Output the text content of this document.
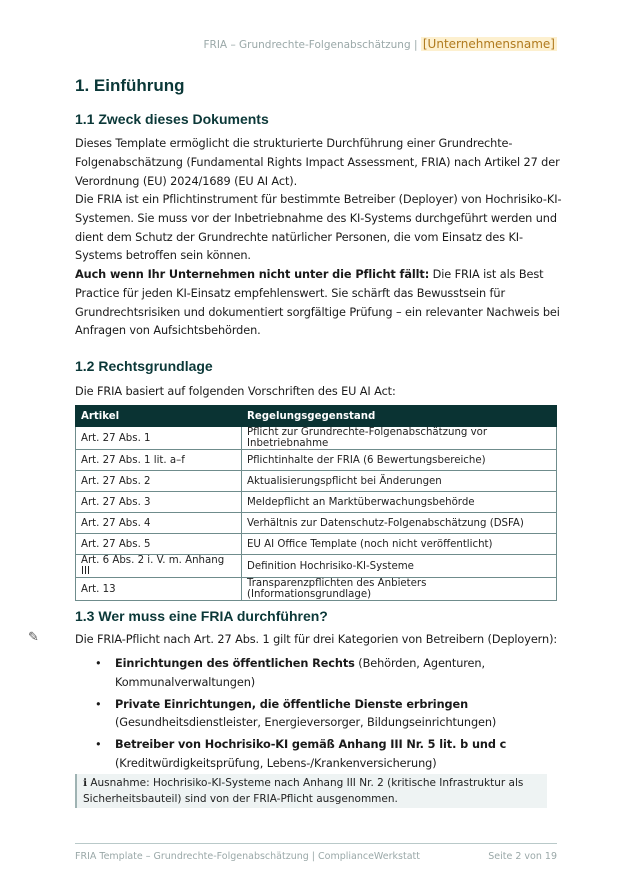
FRIA – Grundrechte-Folgenabschätzung | [Unternehmensname]
1. Einführung
1.1 Zweck dieses Dokuments
Dieses Template ermöglicht die strukturierte Durchführung einer Grundrechte-Folgenabschätzung (Fundamental Rights Impact Assessment, FRIA) nach Artikel 27 der Verordnung (EU) 2024/1689 (EU AI Act).
Die FRIA ist ein Pflichtinstrument für bestimmte Betreiber (Deployer) von Hochrisiko-KI-Systemen. Sie muss vor der Inbetriebnahme des KI-Systems durchgeführt werden und dient dem Schutz der Grundrechte natürlicher Personen, die vom Einsatz des KI-Systems betroffen sein können.
Auch wenn Ihr Unternehmen nicht unter die Pflicht fällt: Die FRIA ist als Best Practice für jeden KI-Einsatz empfehlenswert. Sie schärft das Bewusstsein für Grundrechtsrisiken und dokumentiert sorgfältige Prüfung – ein relevanter Nachweis bei Anfragen von Aufsichtsbehörden.
1.2 Rechtsgrundlage
Die FRIA basiert auf folgenden Vorschriften des EU AI Act:
Artikel	Regelungsgegenstand
Art. 27 Abs. 1	Pflicht zur Grundrechte-Folgenabschätzung vor Inbetriebnahme
Art. 27 Abs. 1 lit. a–f	Pflichtinhalte der FRIA (6 Bewertungsbereiche)
Art. 27 Abs. 2	Aktualisierungspflicht bei Änderungen
Art. 27 Abs. 3	Meldepflicht an Marktüberwachungsbehörde
Art. 27 Abs. 4	Verhältnis zur Datenschutz-Folgenabschätzung (DSFA)
Art. 27 Abs. 5	EU AI Office Template (noch nicht veröffentlicht)
Art. 6 Abs. 2 i. V. m. Anhang III	Definition Hochrisiko-KI-Systeme
Art. 13	Transparenzpflichten des Anbieters (Informationsgrundlage)
1.3 Wer muss eine FRIA durchführen?
✎	Die FRIA-Pflicht nach Art. 27 Abs. 1 gilt für drei Kategorien von Betreibern (Deployern):
• Einrichtungen des öffentlichen Rechts (Behörden, Agenturen, Kommunalverwaltungen)
• Private Einrichtungen, die öffentliche Dienste erbringen (Gesundheitsdienstleister, Energieversorger, Bildungseinrichtungen)
• Betreiber von Hochrisiko-KI gemäß Anhang III Nr. 5 lit. b und c (Kreditwürdigkeitsprüfung, Lebens-/Krankenversicherung)
ℹ Ausnahme: Hochrisiko-KI-Systeme nach Anhang III Nr. 2 (kritische Infrastruktur als Sicherheitsbauteil) sind von der FRIA-Pflicht ausgenommen.
FRIA Template – Grundrechte-Folgenabschätzung | ComplianceWerkstatt	Seite 2 von 19
